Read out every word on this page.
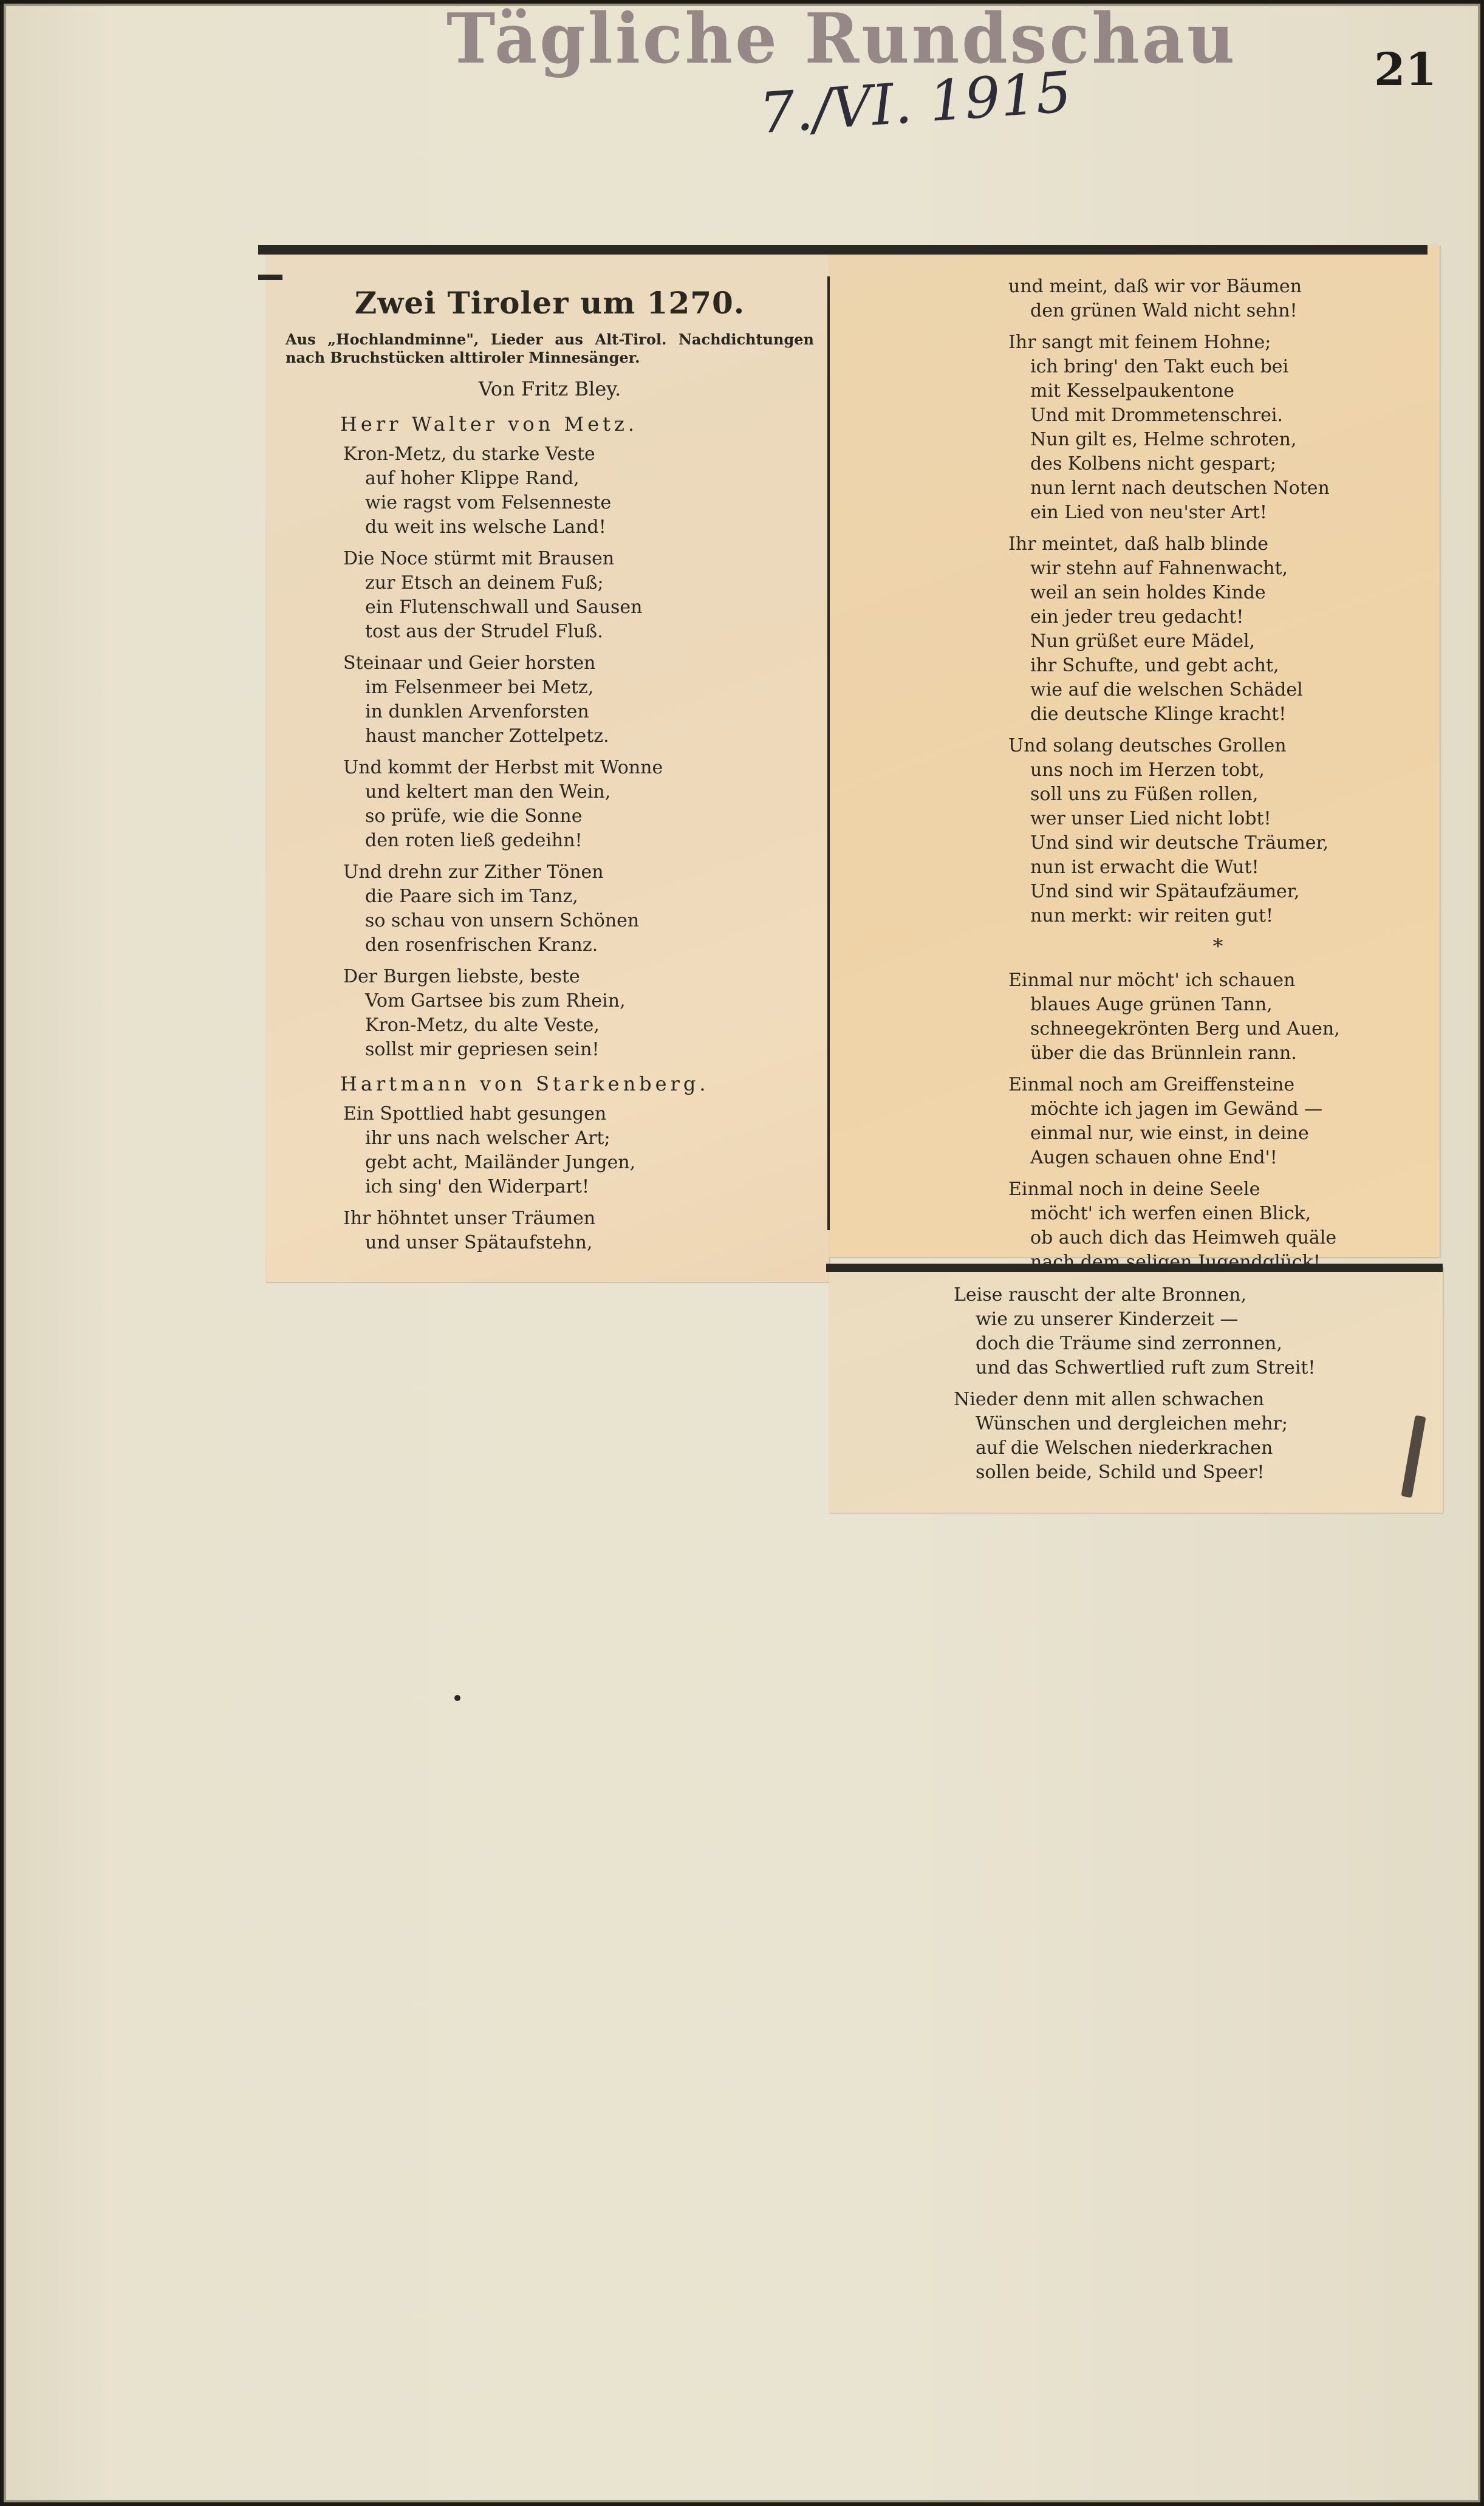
Tägliche Rundschau
7./VI. 1915	21
Zwei Tiroler um 1270.
Aus „Hochlandminne", Lieder aus Alt-Tirol. Nachdichtungen nach Bruchstücken alttiroler Minnesänger.
Von Fritz Bley.
Herr Walter von Metz.
Kron-Metz, du starke Veste
auf hoher Klippe Rand,
wie ragst vom Felsenneste
du weit ins welsche Land!
Die Noce stürmt mit Brausen
zur Etsch an deinem Fuß;
ein Flutenschwall und Sausen
tost aus der Strudel Fluß.
Steinaar und Geier horsten
im Felsenmeer bei Metz,
in dunklen Arvenforsten
haust mancher Zottelpetz.
Und kommt der Herbst mit Wonne
und keltert man den Wein,
so prüfe, wie die Sonne
den roten ließ gedeihn!
Und drehn zur Zither Tönen
die Paare sich im Tanz,
so schau von unsern Schönen
den rosenfrischen Kranz.
Der Burgen liebste, beste
Vom Gartsee bis zum Rhein,
Kron-Metz, du alte Veste,
sollst mir gepriesen sein!
Hartmann von Starkenberg.
Ein Spottlied habt gesungen
ihr uns nach welscher Art;
gebt acht, Mailänder Jungen,
ich sing' den Widerpart!
Ihr höhntet unser Träumen
und unser Spätaufstehn,
und meint, daß wir vor Bäumen
den grünen Wald nicht sehn!
Ihr sangt mit feinem Hohne;
ich bring' den Takt euch bei
mit Kesselpaukentone
Und mit Drommetenschrei.
Nun gilt es, Helme schroten,
des Kolbens nicht gespart;
nun lernt nach deutschen Noten
ein Lied von neu'ster Art!
Ihr meintet, daß halb blinde
wir stehn auf Fahnenwacht,
weil an sein holdes Kinde
ein jeder treu gedacht!
Nun grüßet eure Mädel,
ihr Schufte, und gebt acht,
wie auf die welschen Schädel
die deutsche Klinge kracht!
Und solang deutsches Grollen
uns noch im Herzen tobt,
soll uns zu Füßen rollen,
wer unser Lied nicht lobt!
Und sind wir deutsche Träumer,
nun ist erwacht die Wut!
Und sind wir Spätaufzäumer,
nun merkt: wir reiten gut!
*
Einmal nur möcht' ich schauen
blaues Auge grünen Tann,
schneegekrönten Berg und Auen,
über die das Brünnlein rann.
Einmal noch am Greiffensteine
möchte ich jagen im Gewänd —
einmal nur, wie einst, in deine
Augen schauen ohne End'!
Einmal noch in deine Seele
möcht' ich werfen einen Blick,
ob auch dich das Heimweh quäle
nach dem seligen Jugendglück!
Leise rauscht der alte Bronnen,
wie zu unserer Kinderzeit —
doch die Träume sind zerronnen,
und das Schwertlied ruft zum Streit!
Nieder denn mit allen schwachen
Wünschen und dergleichen mehr;
auf die Welschen niederkrachen
sollen beide, Schild und Speer!
